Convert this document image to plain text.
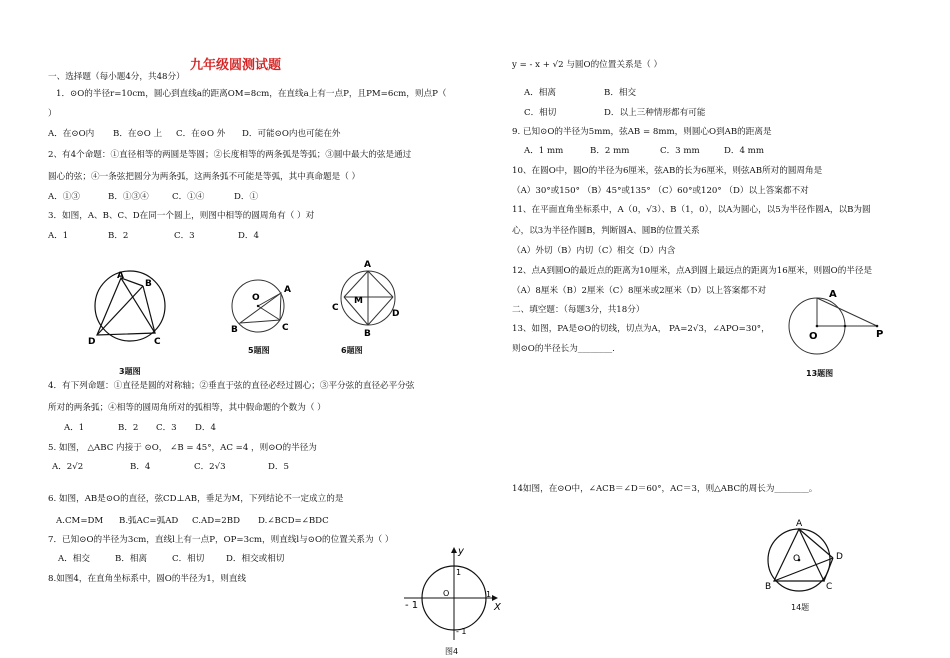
九年级圆测试题
一、选择题（每小题4分，共48分）
1．⊙O的半径r=10cm，圆心到直线a的距离OM=8cm，在直线a上有一点P，且PM=6cm，则点P（
）
A．在⊙O内 B．在⊙O 上 C．在⊙O 外 D．可能⊙O内也可能在外
2、有4个命题：①直径相等的两圆是等圆；②长度相等的两条弧是等弧；③圆中最大的弦是通过
圆心的弦；④一条弦把圆分为两条弧，这两条弧不可能是等弧，其中真命题是（ ）
A．①③	B．①③④	C．①④	D．①
3．如图，A、B、C、D在同一个圆上，则图中相等的圆周角有（ ）对
A．1	B．2	C．3	D．4
A
B
D	C
3题图
O
A
B	C
5题图
A
C
M
B
D
6题图
4．有下列命题：①直径是圆的对称轴；②垂直于弦的直径必经过圆心；③平分弦的直径必平分弦
所对的两条弧；④相等的圆周角所对的弧相等，其中假命题的个数为（ ）
A．1	B．2 C．3 D．4
5. 如图， △ABC 内接于 ⊙O， ∠B = 45°，AC =4 ，则⊙O的半径为
A．2√2	B．4	C．2√3	D．5
6. 如图，AB是⊙O的直径，弦CD⊥AB，垂足为M，下列结论不一定成立的是
A.CM=DM B.弧AC=弧AD C.AD=2BD D.∠BCD=∠BDC
7．已知⊙O的半径为3cm，直线l上有一点P，OP=3cm，则直线l与⊙O的位置关系为（ ）
A．相交	B．相离	C．相切	D．相交或相切
8.如图4，在直角坐标系中，圆O的半径为1，则直线
y
X
O
1
1
- 1
- 1
图4
y = - x + √2 与圆O的位置关系是（ ）
A．相离	B．相交
C．相切	D．以上三种情形都有可能
9. 已知⊙O的半径为5mm，弦AB = 8mm，则圆心O到AB的距离是
A．1 mm	B．2 mm	C．3 mm	D．4 mm
10、在圆O中，圆O的半径为6厘米，弦AB的长为6厘米，则弦AB所对的圆周角是
（A）30°或150° （B）45°或135° （C）60°或120° （D）以上答案都不对
11、在平面直角坐标系中，A（0，√3）、B（1，0），以A为圆心，以5为半径作圆A，以B为圆
心，以3为半径作圆B，判断圆A、圆B的位置关系
（A）外切（B）内切（C）相交（D）内含
12、点A到圆O的最近点的距离为10厘米，点A到圆上最远点的距离为16厘米，则圆O的半径是
（A）8厘米（B）2厘米（C）8厘米或2厘米（D）以上答案都不对
二、填空题：（每题3分，共18分）
13、如图，PA是⊙O的切线，切点为A， PA=2√3，∠APO=30°，
则⊙O的半径长为________.
A
O	P
13题图
14如图，在⊙O中，∠ACB＝∠D＝60°，AC＝3，则△ABC的周长为________。
A
O	D
B	C
14题
